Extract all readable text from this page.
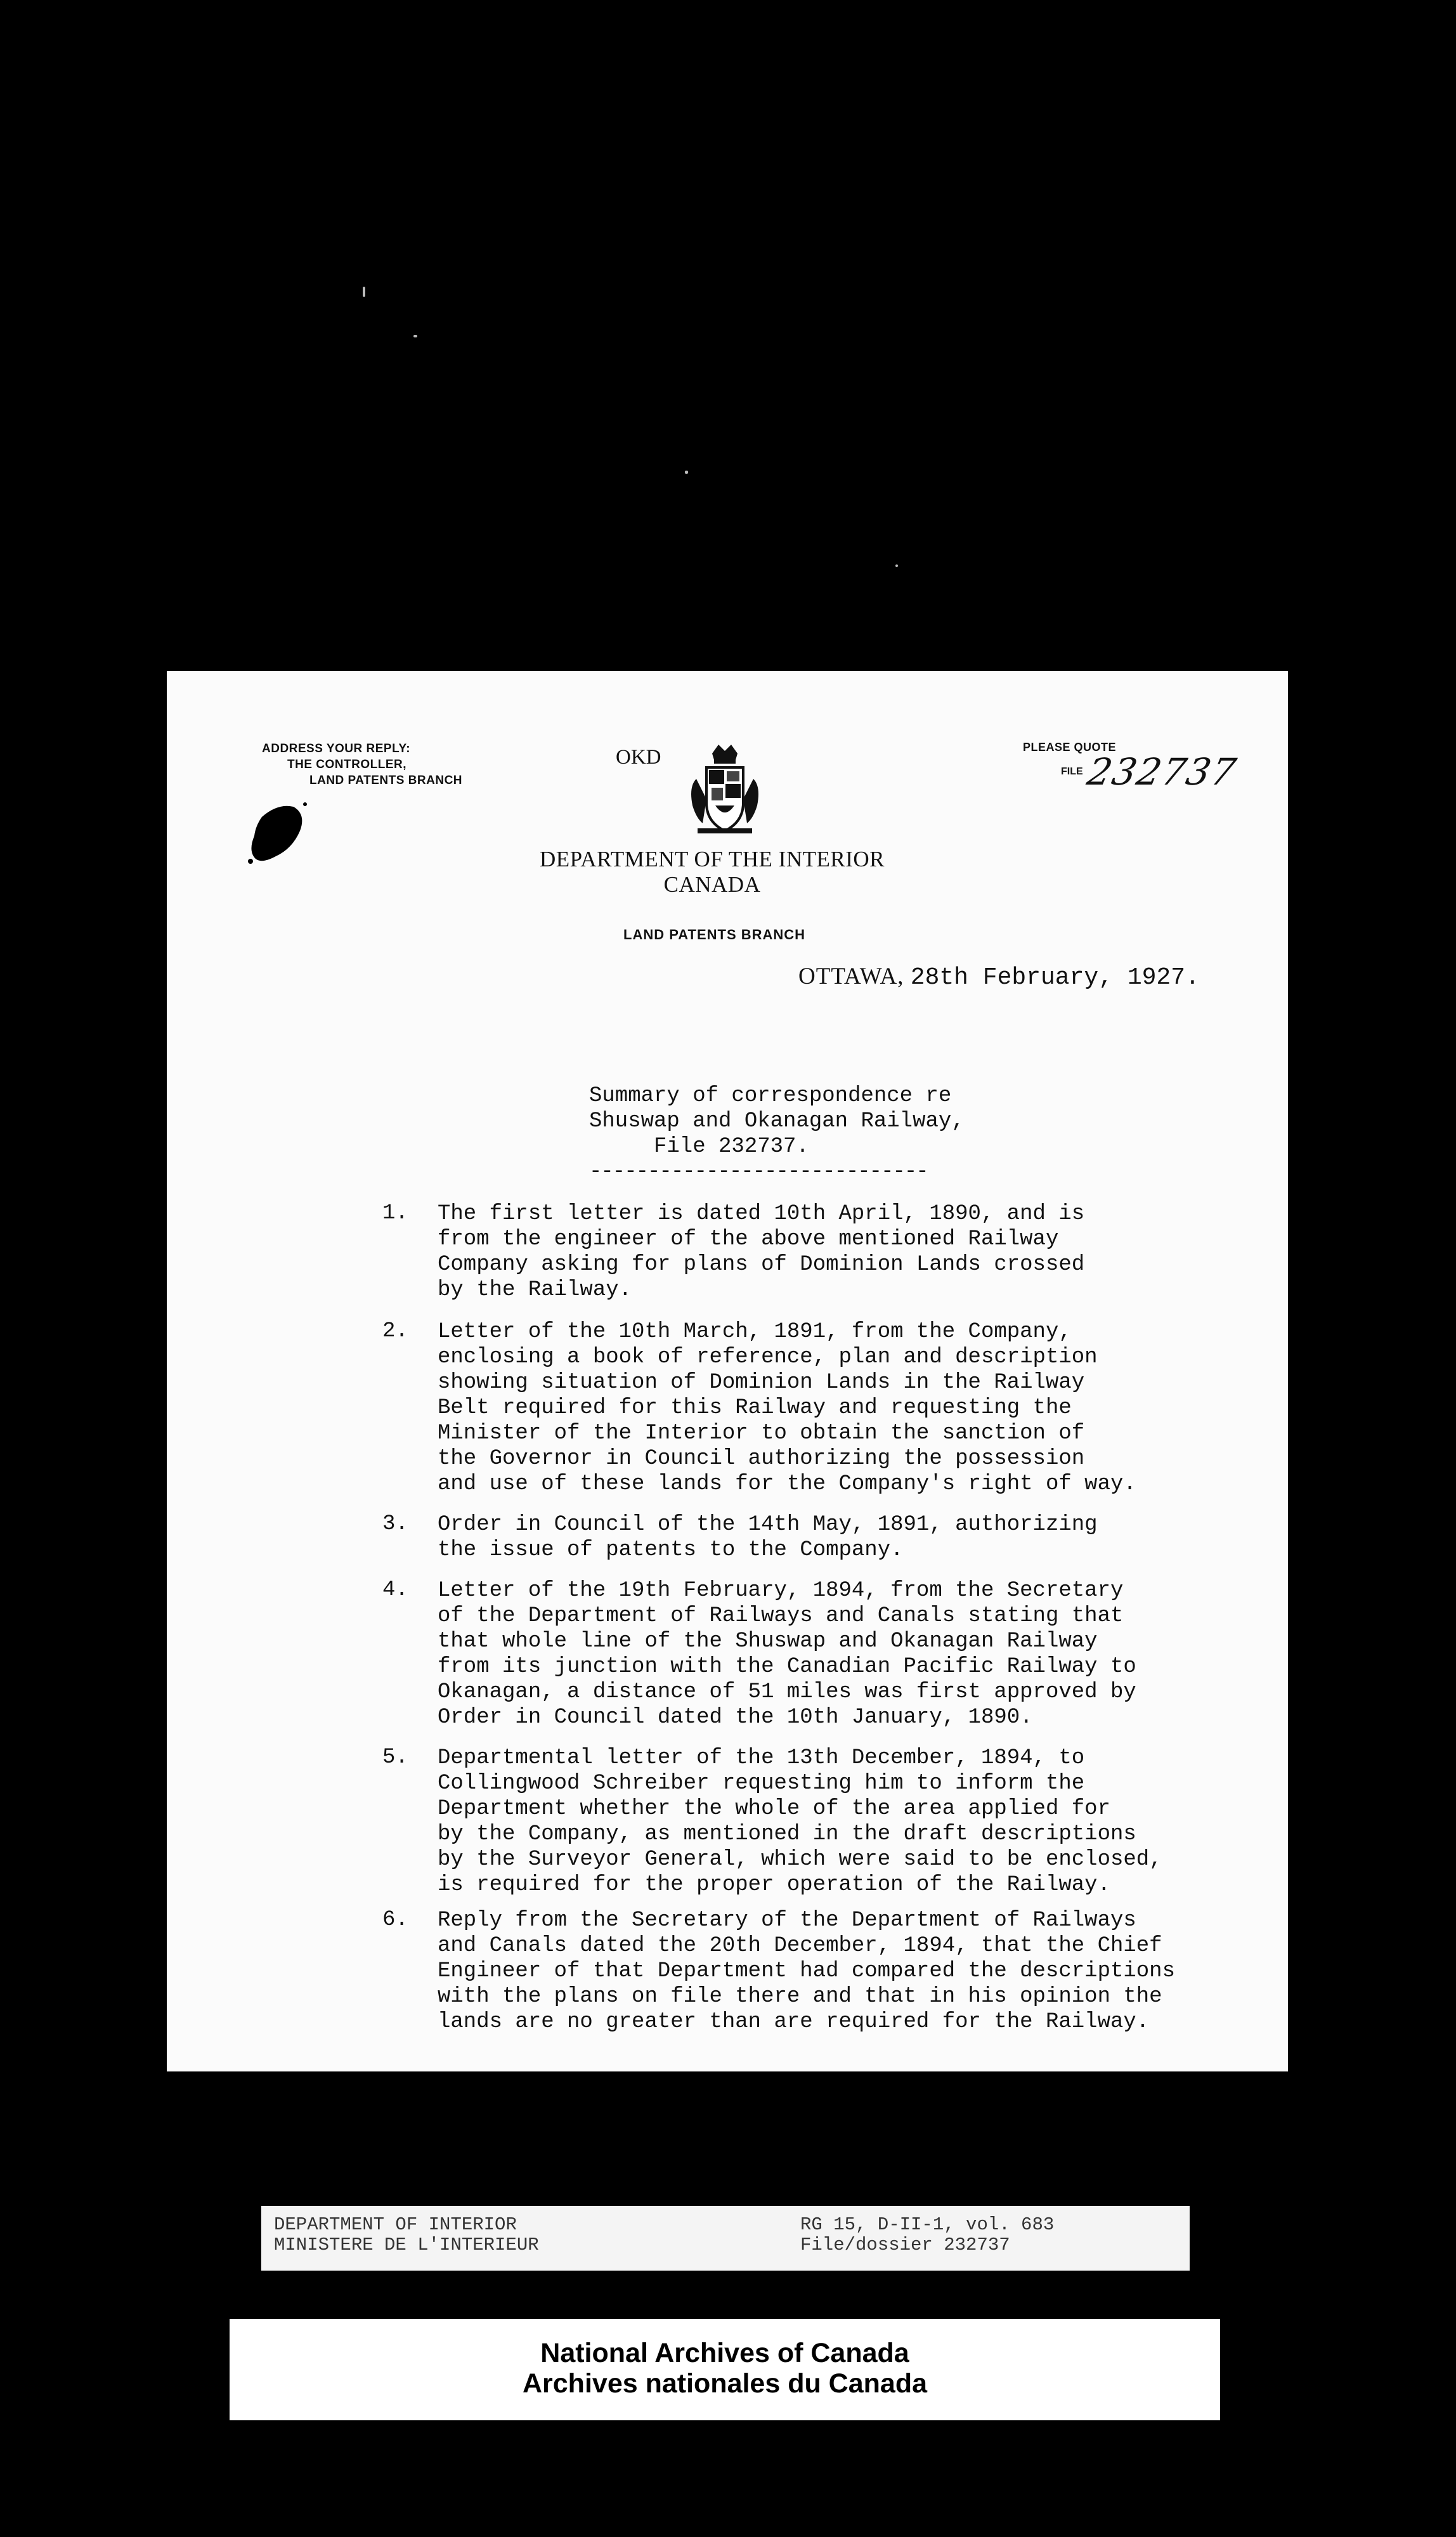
ADDRESS YOUR REPLY:
THE CONTROLLER,
LAND PATENTS BRANCH
OKD
DEPARTMENT OF THE INTERIOR
CANADA
PLEASE QUOTE
FILE 232737
LAND PATENTS BRANCH
OTTAWA, 28th February, 1927.
Summary of correspondence re
Shuswap and Okanagan Railway,
File 232737.
-----------------------------
1. The first letter is dated 10th April, 1890, and is
from the engineer of the above mentioned Railway
Company asking for plans of Dominion Lands crossed
by the Railway.
2. Letter of the 10th March, 1891, from the Company,
enclosing a book of reference, plan and description
showing situation of Dominion Lands in the Railway
Belt required for this Railway and requesting the
Minister of the Interior to obtain the sanction of
the Governor in Council authorizing the possession
and use of these lands for the Company's right of way.
3. Order in Council of the 14th May, 1891, authorizing
the issue of patents to the Company.
4. Letter of the 19th February, 1894, from the Secretary
of the Department of Railways and Canals stating that
that whole line of the Shuswap and Okanagan Railway
from its junction with the Canadian Pacific Railway to
Okanagan, a distance of 51 miles was first approved by
Order in Council dated the 10th January, 1890.
5. Departmental letter of the 13th December, 1894, to
Collingwood Schreiber requesting him to inform the
Department whether the whole of the area applied for
by the Company, as mentioned in the draft descriptions
by the Surveyor General, which were said to be enclosed,
is required for the proper operation of the Railway.
6. Reply from the Secretary of the Department of Railways
and Canals dated the 20th December, 1894, that the Chief
Engineer of that Department had compared the descriptions
with the plans on file there and that in his opinion the
lands are no greater than are required for the Railway.
DEPARTMENT OF INTERIOR
MINISTERE DE L'INTERIEUR
RG 15, D-II-1, vol. 683
File/dossier 232737
National Archives of Canada
Archives nationales du Canada
